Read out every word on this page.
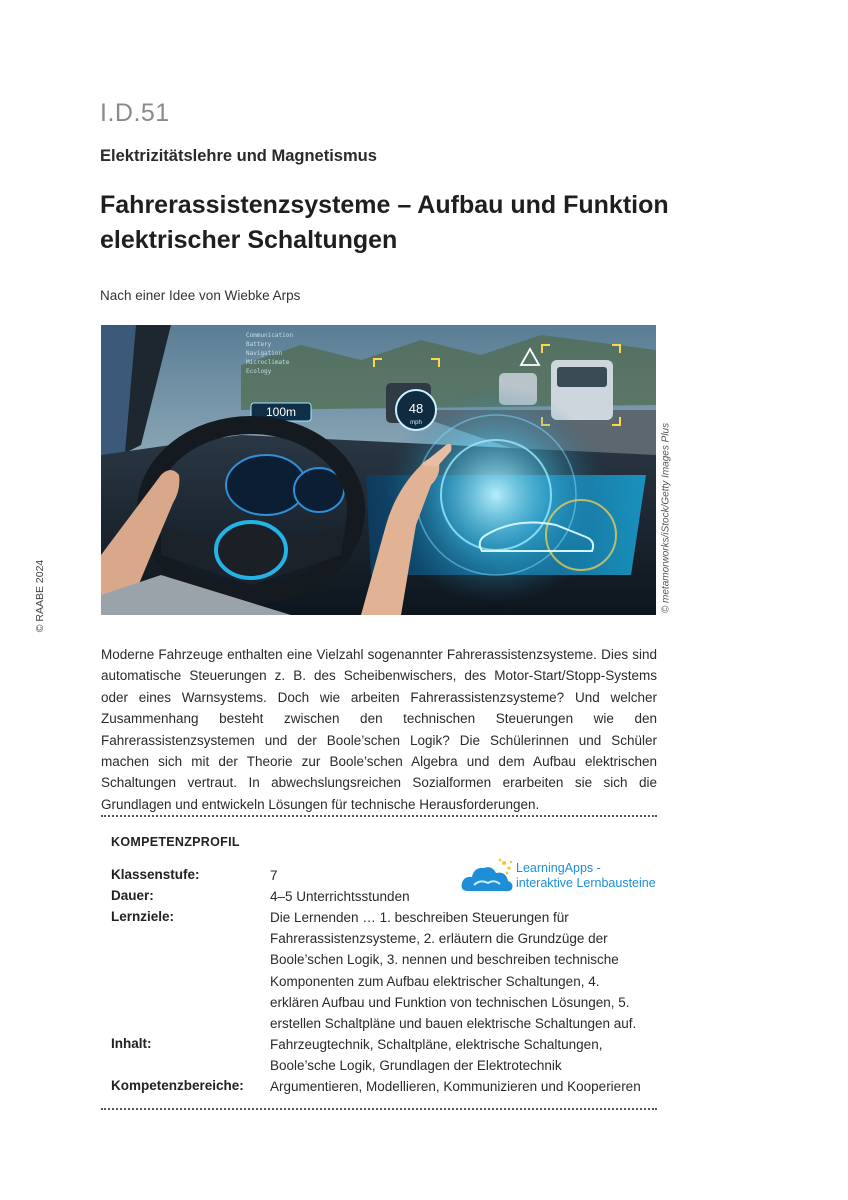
I.D.51
Elektrizitätslehre und Magnetismus
Fahrerassistenzsysteme – Aufbau und Funktion
elektrischer Schaltungen
Nach einer Idee von Wiebke Arps
© RAABE 2024	© metamorworks/iStock/Getty Images Plus
48
mph
100m
Communication
Battery
Navigation
Microclimate
Ecology

Moderne Fahrzeuge enthalten eine Vielzahl sogenannter Fahrerassistenzsysteme. Dies sind automatische Steuerungen z. B. des Scheibenwischers, des Motor-Start/Stopp-Systems oder eines Warnsystems. Doch wie arbeiten Fahrerassistenzsysteme? Und welcher Zusammenhang besteht zwischen den technischen Steuerungen wie den Fahrerassistenzsystemen und der Boole’schen Logik? Die Schülerinnen und Schüler machen sich mit der Theorie zur Boole’schen Algebra und dem Aufbau elektrischen Schaltungen vertraut. In abwechslungsreichen Sozialformen erarbeiten sie sich die Grundlagen und entwickeln Lösungen für technische Herausforderungen.

KOMPETENZPROFIL
LearningApps -
interaktive Lernbausteine
Klassenstufe:	7
Dauer:	4–5 Unterrichtsstunden
Lernziele:	Die Lernenden … 1. beschreiben Steuerungen für Fahrerassistenzsysteme, 2. erläutern die Grundzüge der Boole’schen Logik, 3. nennen und beschreiben technische Komponenten zum Aufbau elektrischer Schaltungen, 4. erklären Aufbau und Funktion von technischen Lösungen, 5. erstellen Schaltpläne und bauen elektrische Schaltungen auf.
Inhalt:	Fahrzeugtechnik, Schaltpläne, elektrische Schaltungen, Boole’sche Logik, Grundlagen der Elektrotechnik
Kompetenzbereiche: Argumentieren, Modellieren, Kommunizieren und Kooperieren
